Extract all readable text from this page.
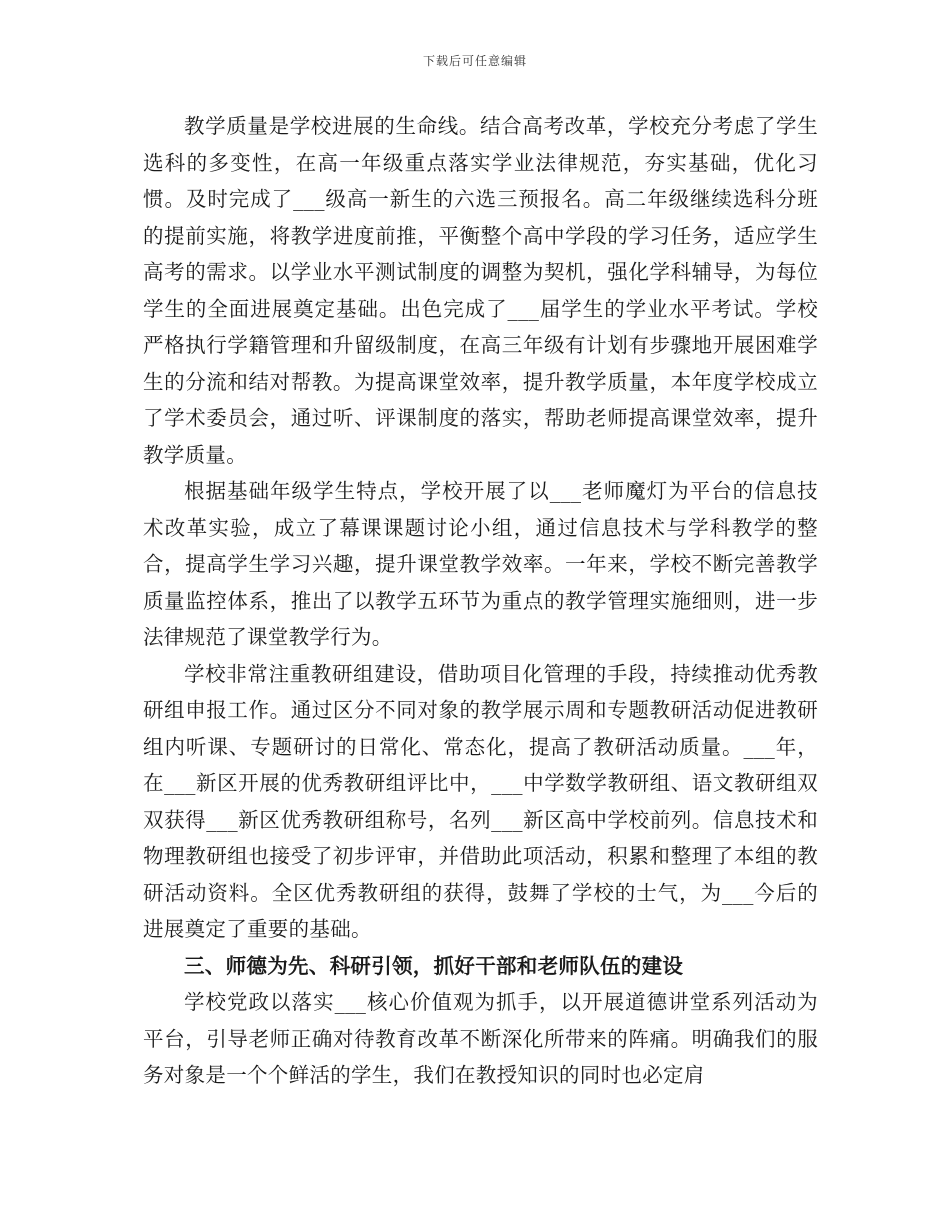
下载后可任意编辑

教学质量是学校进展的生命线。结合高考改革，学校充分考虑了学生选科的多变性，在高一年级重点落实学业法律规范，夯实基础，优化习惯。及时完成了___级高一新生的六选三预报名。高二年级继续选科分班的提前实施，将教学进度前推，平衡整个高中学段的学习任务，适应学生高考的需求。以学业水平测试制度的调整为契机，强化学科辅导，为每位学生的全面进展奠定基础。出色完成了___届学生的学业水平考试。学校严格执行学籍管理和升留级制度，在高三年级有计划有步骤地开展困难学生的分流和结对帮教。为提高课堂效率，提升教学质量，本年度学校成立了学术委员会，通过听、评课制度的落实，帮助老师提高课堂效率，提升教学质量。

根据基础年级学生特点，学校开展了以___老师魔灯为平台的信息技术改革实验，成立了幕课课题讨论小组，通过信息技术与学科教学的整合，提高学生学习兴趣，提升课堂教学效率。一年来，学校不断完善教学质量监控体系，推出了以教学五环节为重点的教学管理实施细则，进一步法律规范了课堂教学行为。

学校非常注重教研组建设，借助项目化管理的手段，持续推动优秀教研组申报工作。通过区分不同对象的教学展示周和专题教研活动促进教研组内听课、专题研讨的日常化、常态化，提高了教研活动质量。___年，在___新区开展的优秀教研组评比中，___中学数学教研组、语文教研组双双获得___新区优秀教研组称号，名列___新区高中学校前列。信息技术和物理教研组也接受了初步评审，并借助此项活动，积累和整理了本组的教研活动资料。全区优秀教研组的获得，鼓舞了学校的士气，为___今后的进展奠定了重要的基础。

三、师德为先、科研引领，抓好干部和老师队伍的建设

学校党政以落实___核心价值观为抓手，以开展道德讲堂系列活动为平台，引导老师正确对待教育改革不断深化所带来的阵痛。明确我们的服务对象是一个个鲜活的学生，我们在教授知识的同时也必定肩
